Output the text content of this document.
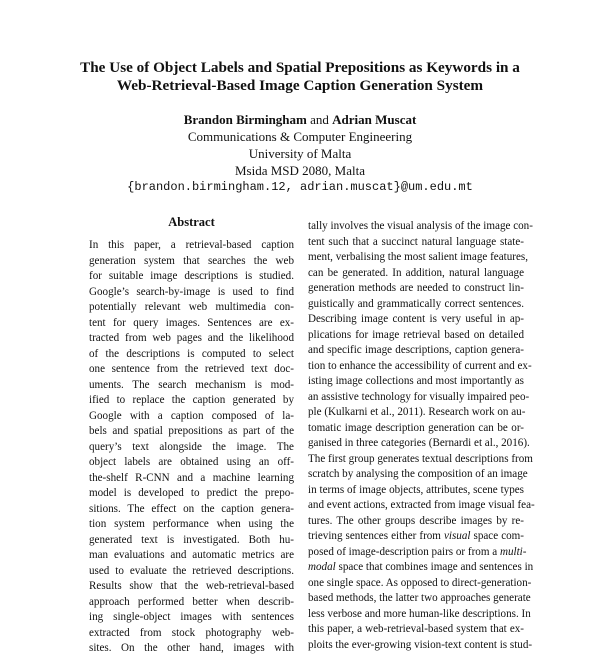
The Use of Object Labels and Spatial Prepositions as Keywords in a
Web-Retrieval-Based Image Caption Generation System
Brandon Birmingham and Adrian Muscat
Communications & Computer Engineering
University of Malta
Msida MSD 2080, Malta
{brandon.birmingham.12, adrian.muscat}@um.edu.mt
Abstract
In this paper, a retrieval-based caption
generation system that searches the web
for suitable image descriptions is studied.
Google’s search-by-image is used to find
potentially relevant web multimedia con-
tent for query images. Sentences are ex-
tracted from web pages and the likelihood
of the descriptions is computed to select
one sentence from the retrieved text doc-
uments. The search mechanism is mod-
ified to replace the caption generated by
Google with a caption composed of la-
bels and spatial prepositions as part of the
query’s text alongside the image. The
object labels are obtained using an off-
the-shelf R-CNN and a machine learning
model is developed to predict the prepo-
sitions. The effect on the caption genera-
tion system performance when using the
generated text is investigated. Both hu-
man evaluations and automatic metrics are
used to evaluate the retrieved descriptions.
Results show that the web-retrieval-based
approach performed better when describ-
ing single-object images with sentences
extracted from stock photography web-
sites. On the other hand, images with
tally involves the visual analysis of the image con-
tent such that a succinct natural language state-
ment, verbalising the most salient image features,
can be generated. In addition, natural language
generation methods are needed to construct lin-
guistically and grammatically correct sentences.
Describing image content is very useful in ap-
plications for image retrieval based on detailed
and specific image descriptions, caption genera-
tion to enhance the accessibility of current and ex-
isting image collections and most importantly as
an assistive technology for visually impaired peo-
ple (Kulkarni et al., 2011). Research work on au-
tomatic image description generation can be or-
ganised in three categories (Bernardi et al., 2016).
The first group generates textual descriptions from
scratch by analysing the composition of an image
in terms of image objects, attributes, scene types
and event actions, extracted from image visual fea-
tures. The other groups describe images by re-
trieving sentences either from visual space com-
posed of image-description pairs or from a multi-
modal space that combines image and sentences in
one single space. As opposed to direct-generation-
based methods, the latter two approaches generate
less verbose and more human-like descriptions. In
this paper, a web-retrieval-based system that ex-
ploits the ever-growing vision-text content is stud-
